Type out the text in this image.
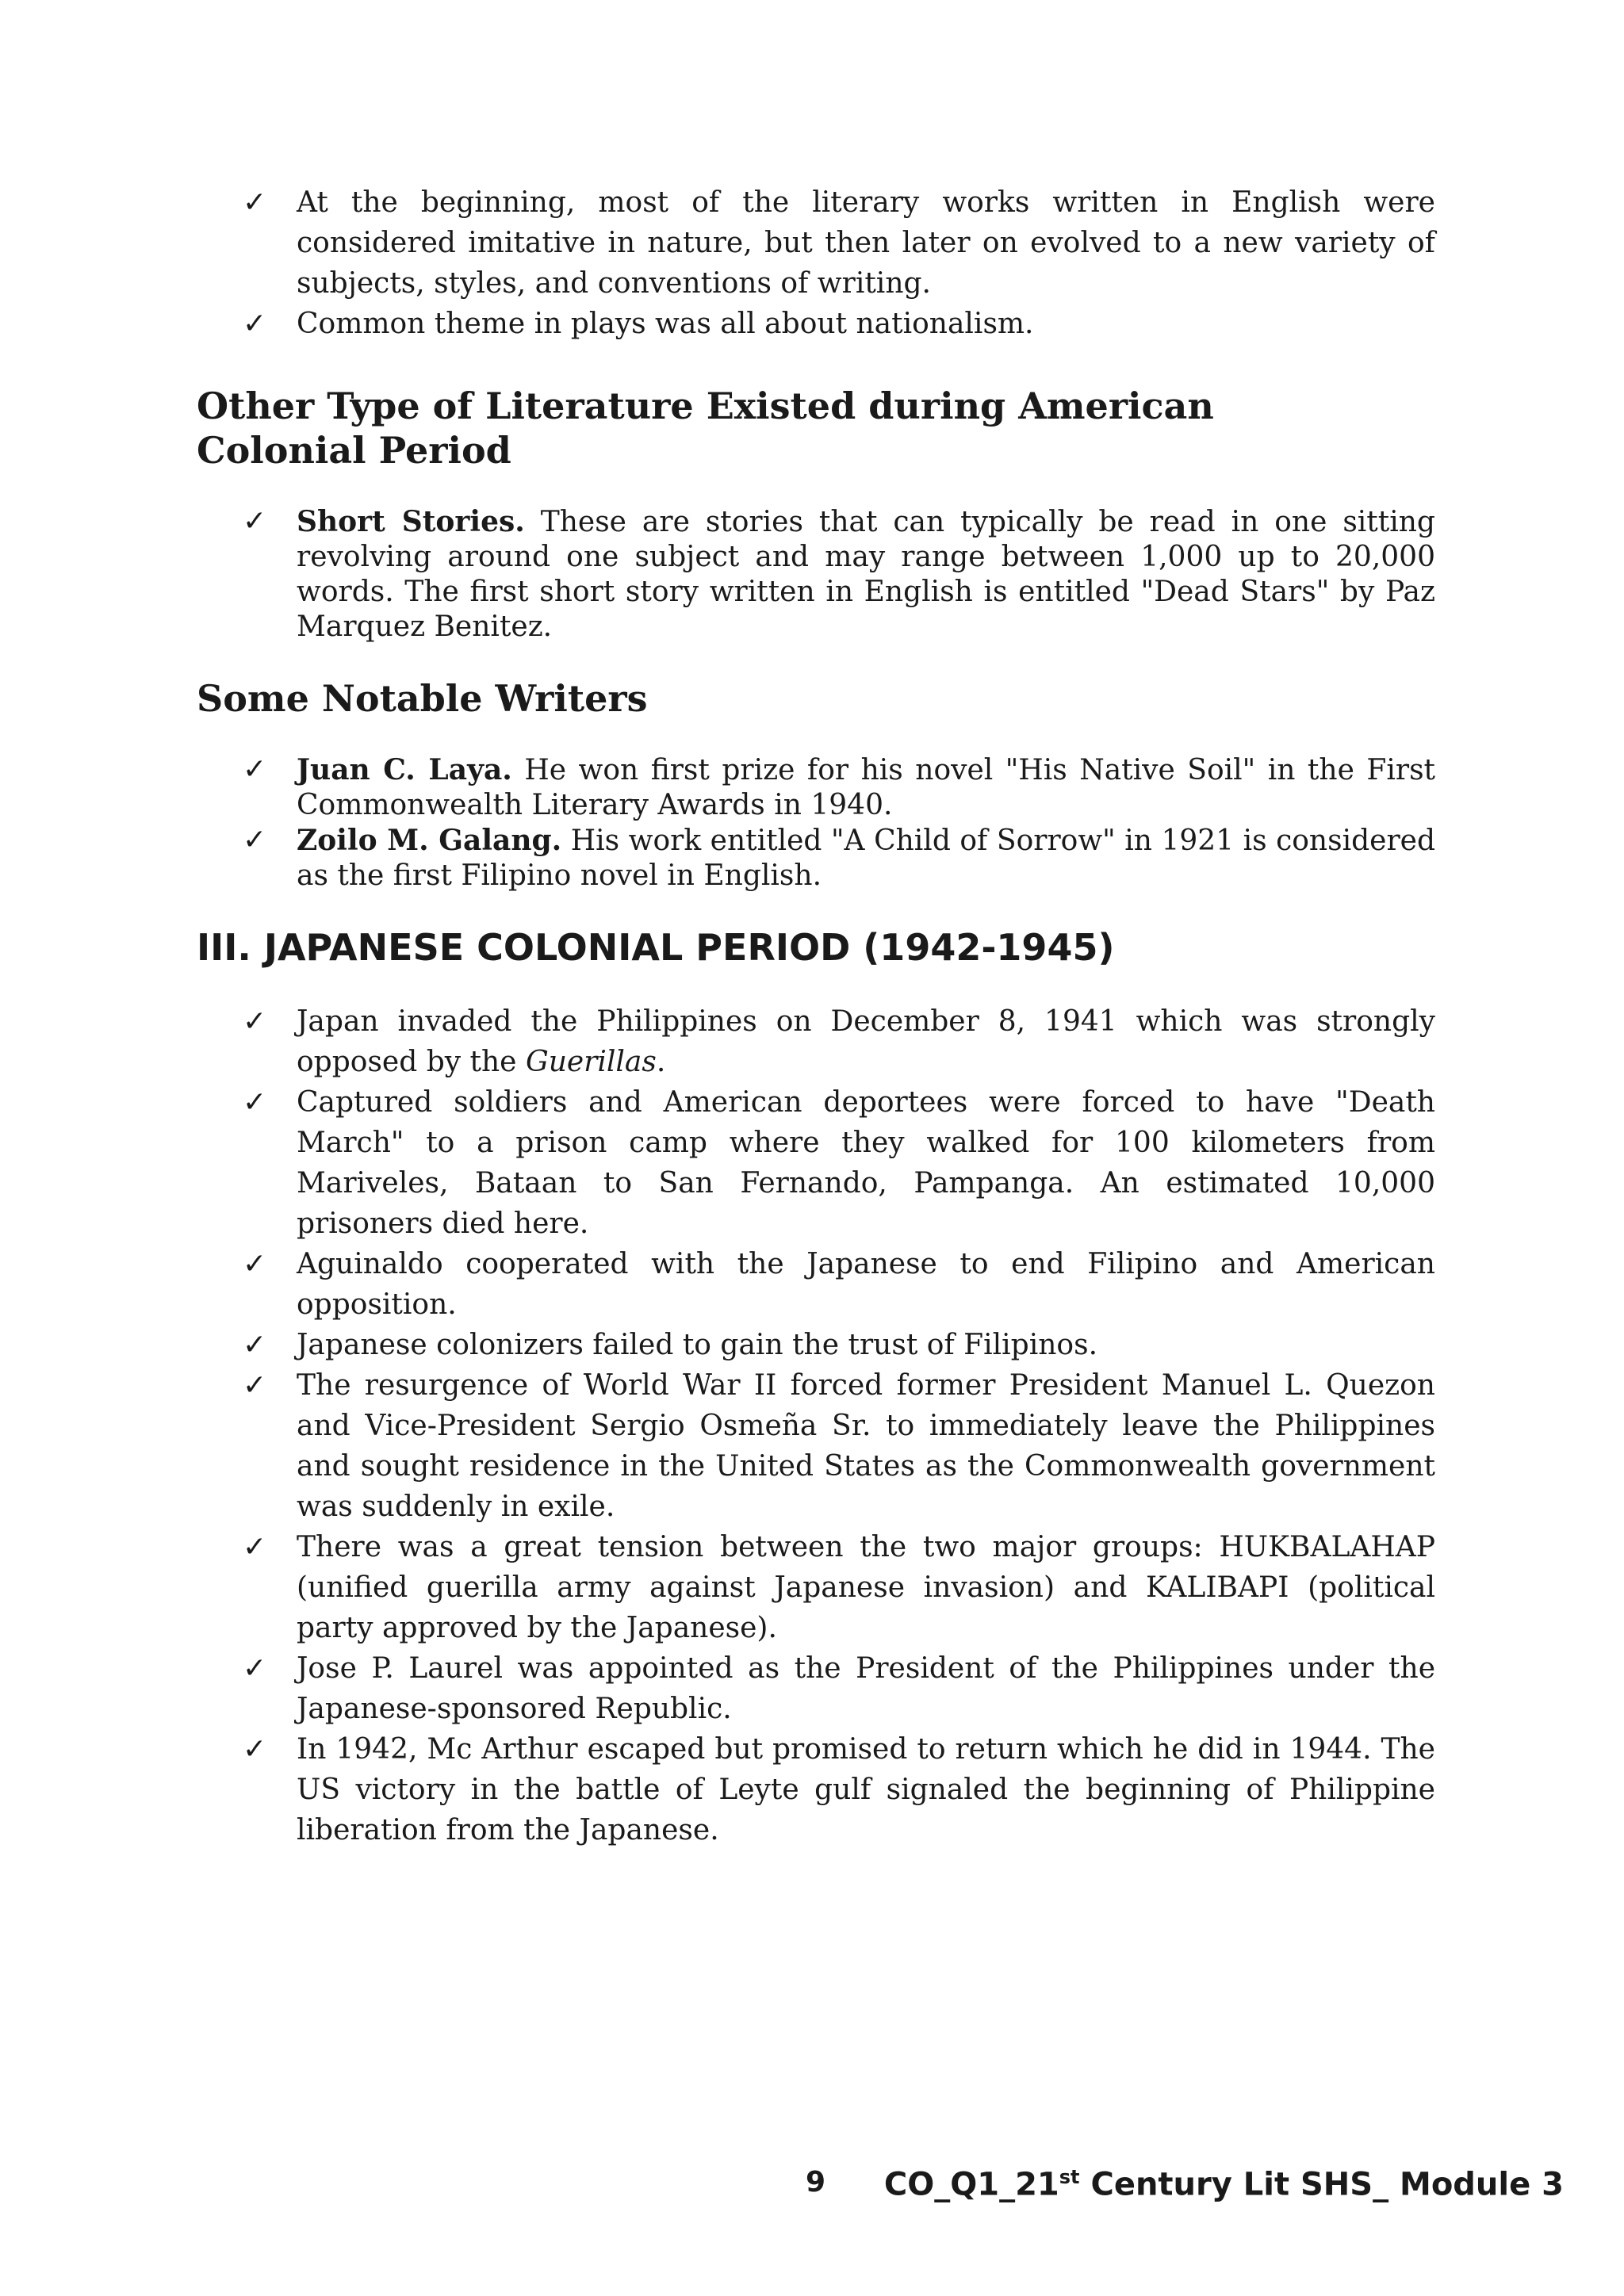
✓ At the beginning, most of the literary works written in English were considered imitative in nature, but then later on evolved to a new variety of subjects, styles, and conventions of writing.
✓ Common theme in plays was all about nationalism.
Other Type of Literature Existed during American Colonial Period
✓ Short Stories. These are stories that can typically be read in one sitting revolving around one subject and may range between 1,000 up to 20,000 words. The first short story written in English is entitled "Dead Stars" by Paz Marquez Benitez.
Some Notable Writers
✓ Juan C. Laya. He won first prize for his novel "His Native Soil" in the First Commonwealth Literary Awards in 1940.
✓ Zoilo M. Galang. His work entitled "A Child of Sorrow" in 1921 is considered as the first Filipino novel in English.
III. JAPANESE COLONIAL PERIOD (1942-1945)
✓ Japan invaded the Philippines on December 8, 1941 which was strongly opposed by the Guerillas.
✓ Captured soldiers and American deportees were forced to have "Death March" to a prison camp where they walked for 100 kilometers from Mariveles, Bataan to San Fernando, Pampanga. An estimated 10,000 prisoners died here.
✓ Aguinaldo cooperated with the Japanese to end Filipino and American opposition.
✓ Japanese colonizers failed to gain the trust of Filipinos.
✓ The resurgence of World War II forced former President Manuel L. Quezon and Vice-President Sergio Osmeña Sr. to immediately leave the Philippines and sought residence in the United States as the Commonwealth government was suddenly in exile.
✓ There was a great tension between the two major groups: HUKBALAHAP (unified guerilla army against Japanese invasion) and KALIBAPI (political party approved by the Japanese).
✓ Jose P. Laurel was appointed as the President of the Philippines under the Japanese-sponsored Republic.
✓ In 1942, Mc Arthur escaped but promised to return which he did in 1944. The US victory in the battle of Leyte gulf signaled the beginning of Philippine liberation from the Japanese.
9 CO_Q1_21st Century Lit SHS_ Module 3
